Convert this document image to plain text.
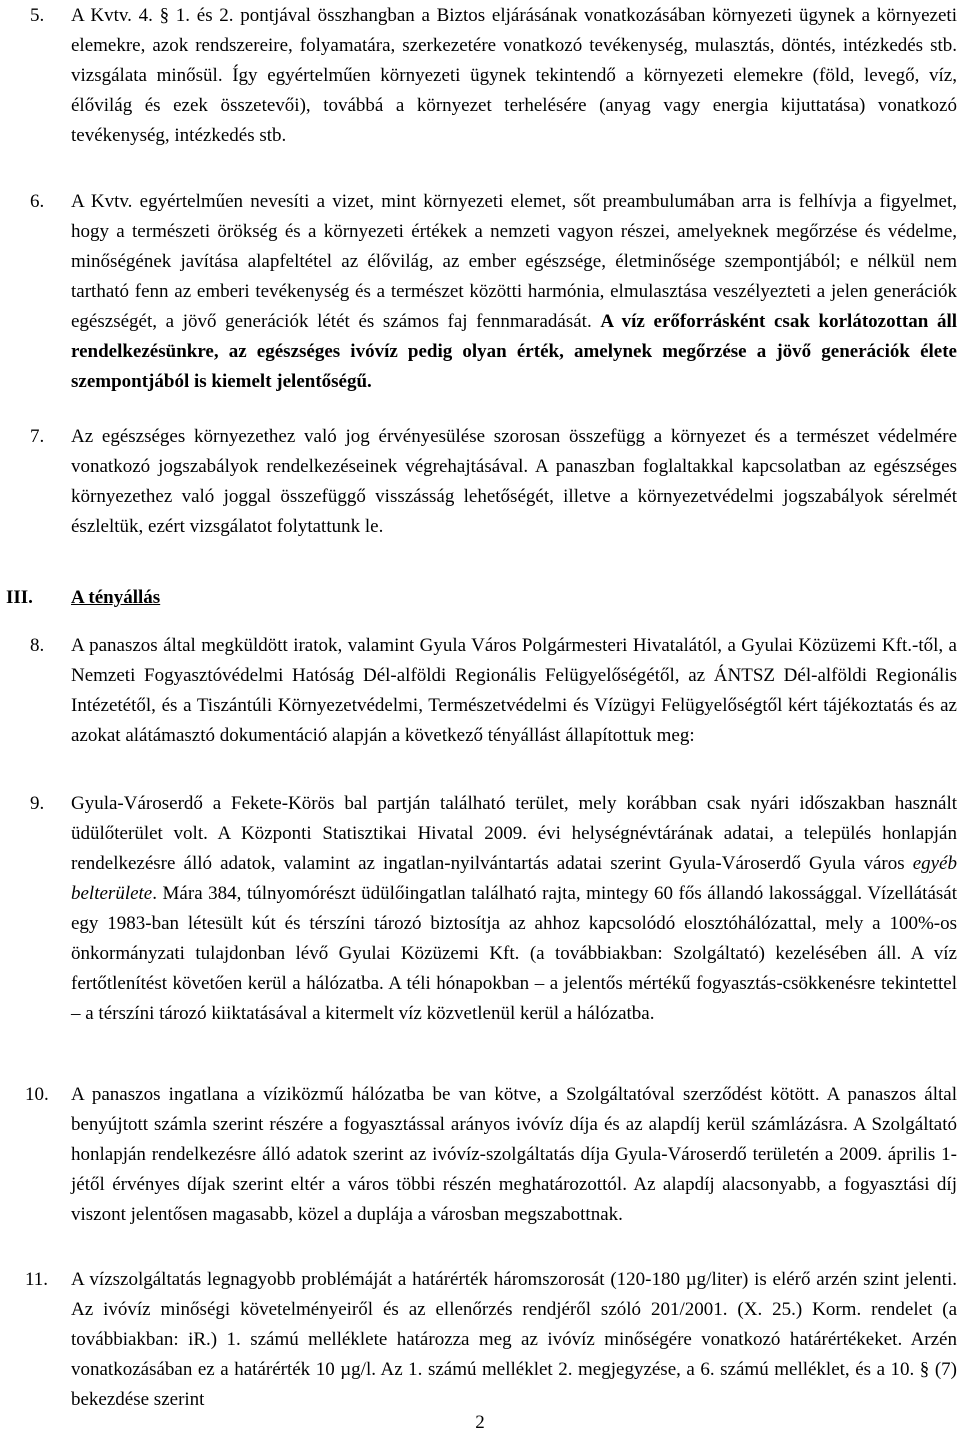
5.	A Kvtv. 4. § 1. és 2. pontjával összhangban a Biztos eljárásának vonatkozásában környezeti ügynek a környezeti elemekre, azok rendszereire, folyamatára, szerkezetére vonatkozó tevékenység, mulasztás, döntés, intézkedés stb. vizsgálata minősül. Így egyértelműen környezeti ügynek tekintendő a környezeti elemekre (föld, levegő, víz, élővilág és ezek összetevői), továbbá a környezet terhelésére (anyag vagy energia kijuttatása) vonatkozó tevékenység, intézkedés stb.

6.	A Kvtv. egyértelműen nevesíti a vizet, mint környezeti elemet, sőt preambulumában arra is felhívja a figyelmet, hogy a természeti örökség és a környezeti értékek a nemzeti vagyon részei, amelyeknek megőrzése és védelme, minőségének javítása alapfeltétel az élővilág, az ember egészsége, életminősége szempontjából; e nélkül nem tartható fenn az emberi tevékenység és a természet közötti harmónia, elmulasztása veszélyezteti a jelen generációk egészségét, a jövő generációk létét és számos faj fennmaradását. A víz erőforrásként csak korlátozottan áll rendelkezésünkre, az egészséges ivóvíz pedig olyan érték, amelynek megőrzése a jövő generációk élete szempontjából is kiemelt jelentőségű.

7.	Az egészséges környezethez való jog érvényesülése szorosan összefügg a környezet és a természet védelmére vonatkozó jogszabályok rendelkezéseinek végrehajtásával. A panaszban foglaltakkal kapcsolatban az egészséges környezethez való joggal összefüggő visszásság lehetőségét, illetve a környezetvédelmi jogszabályok sérelmét észleltük, ezért vizsgálatot folytattunk le.

III. A tényállás
8.	A panaszos által megküldött iratok, valamint Gyula Város Polgármesteri Hivatalától, a Gyulai Közüzemi Kft.-től, a Nemzeti Fogyasztóvédelmi Hatóság Dél-alföldi Regionális Felügyelőségétől, az ÁNTSZ Dél-alföldi Regionális Intézetétől, és a Tiszántúli Környezetvédelmi, Természetvédelmi és Vízügyi Felügyelőségtől kért tájékoztatás és az azokat alátámasztó dokumentáció alapján a következő tényállást állapítottuk meg:

9.	Gyula-Városerdő a Fekete-Körös bal partján található terület, mely korábban csak nyári időszakban használt üdülőterület volt. A Központi Statisztikai Hivatal 2009. évi helységnévtárának adatai, a település honlapján rendelkezésre álló adatok, valamint az ingatlan-nyilvántartás adatai szerint Gyula-Városerdő Gyula város egyéb belterülete. Mára 384, túlnyomórészt üdülőingatlan található rajta, mintegy 60 fős állandó lakossággal. Vízellátását egy 1983-ban létesült kút és térszíni tározó biztosítja az ahhoz kapcsolódó elosztóhálózattal, mely a 100%-os önkormányzati tulajdonban lévő Gyulai Közüzemi Kft. (a továbbiakban: Szolgáltató) kezelésében áll. A víz fertőtlenítést követően kerül a hálózatba. A téli hónapokban – a jelentős mértékű fogyasztás-csökkenésre tekintettel – a térszíni tározó kiiktatásával a kitermelt víz közvetlenül kerül a hálózatba.

10.	A panaszos ingatlana a víziközmű hálózatba be van kötve, a Szolgáltatóval szerződést kötött. A panaszos által benyújtott számla szerint részére a fogyasztással arányos ivóvíz díja és az alapdíj kerül számlázásra. A Szolgáltató honlapján rendelkezésre álló adatok szerint az ivóvíz-szolgáltatás díja Gyula-Városerdő területén a 2009. április 1-jétől érvényes díjak szerint eltér a város többi részén meghatározottól. Az alapdíj alacsonyabb, a fogyasztási díj viszont jelentősen magasabb, közel a duplája a városban megszabottnak.

11.	A vízszolgáltatás legnagyobb problémáját a határérték háromszorosát (120-180 µg/liter) is elérő arzén szint jelenti. Az ivóvíz minőségi követelményeiről és az ellenőrzés rendjéről szóló 201/2001. (X. 25.) Korm. rendelet (a továbbiakban: iR.) 1. számú melléklete határozza meg az ivóvíz minőségére vonatkozó határértékeket. Arzén vonatkozásában ez a határérték 10 µg/l. Az 1. számú melléklet 2. megjegyzése, a 6. számú melléklet, és a 10. § (7) bekezdése szerint

2
